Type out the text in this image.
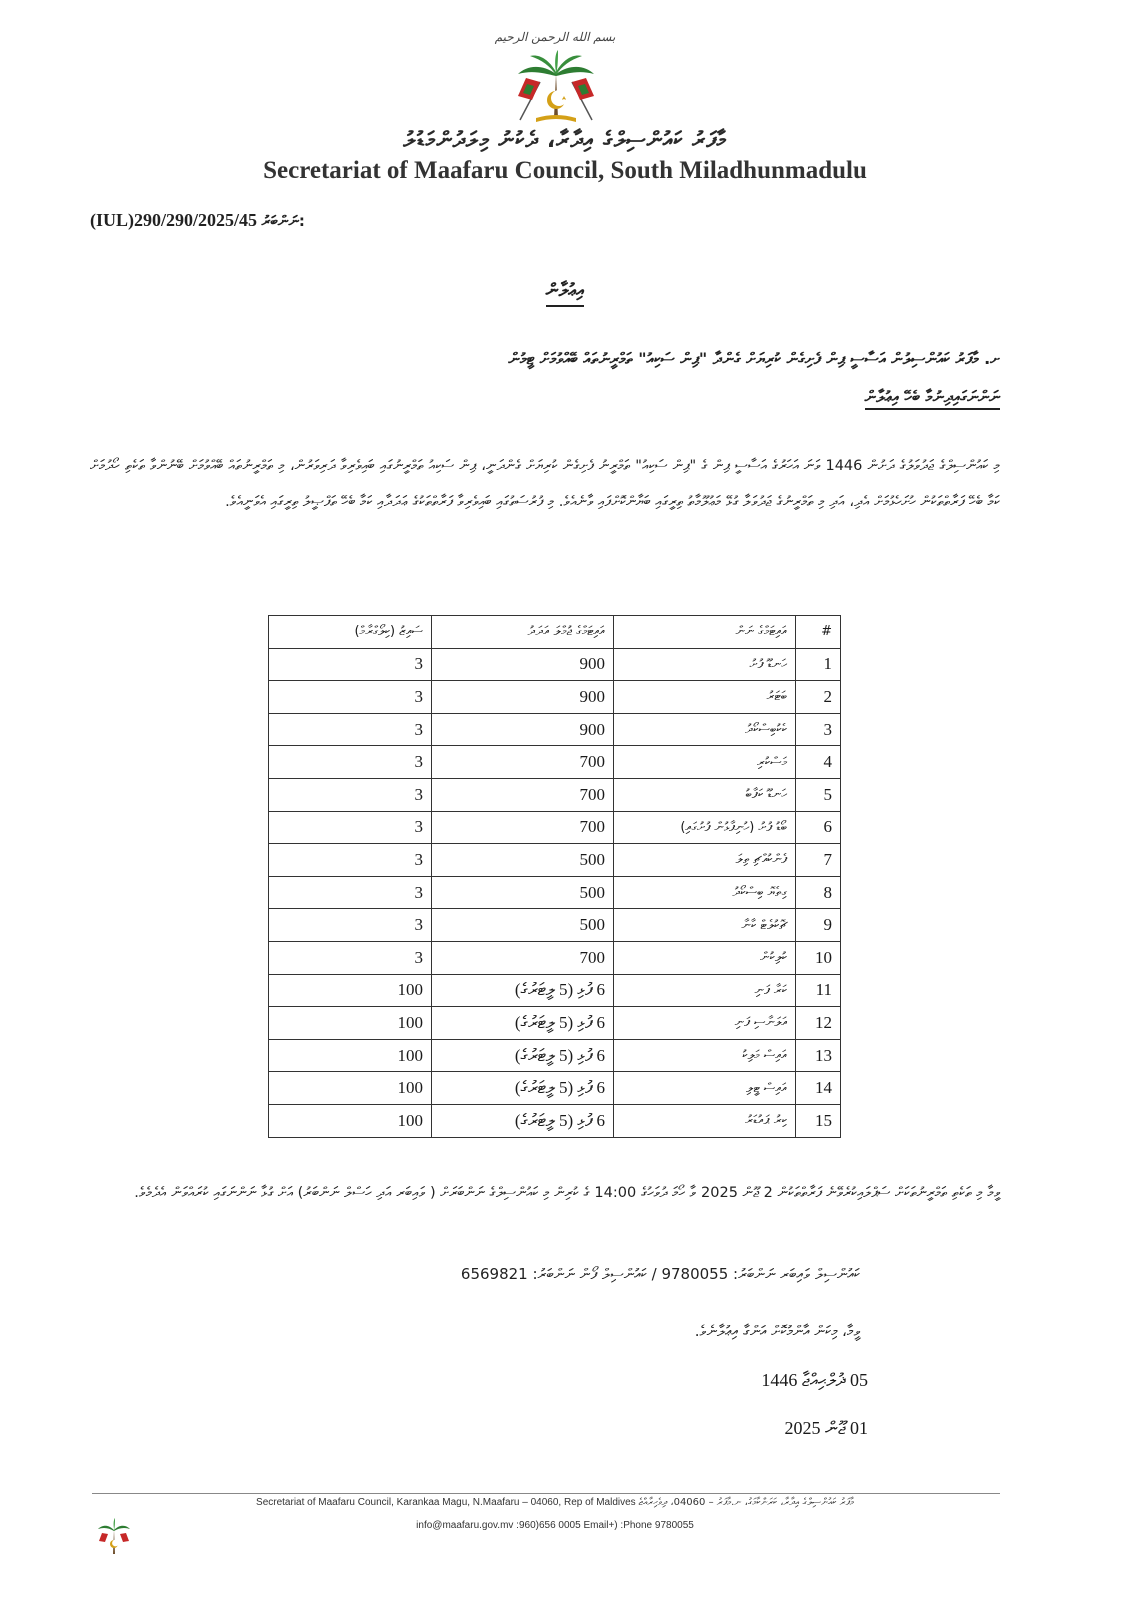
بسم الله الرحمن الرحيم
މާފަރު ކައުންސިލްގެ އިދާރާ، ދެކުނު މިލަދުންމަޑުލު
Secretariat of Maafaru Council, South Miladhunmadulu
(IUL)290/290/2025/45 ނަންބަރު:
އިޢުލާން
ށ. މާފަރު ކައުންސިލުން އަސާސީ ޕިން ފެށިގެން ކުރިޔަށް ގެންދާ "ޕިން ސަކިއު" ތަމްރީނުތައް ބޭއްވުމަށް ޓީމުން
ނަންނަގައިދިނުމާ ބެހޭ އިޢުލާން
މި ކައުންސިލްގެ ޖަދުވަލުގެ ދަށުން 1446 ވަނަ އަހަރުގެ އަސާސީ ޕިން ގެ "ޕިން ސަކިއު" ތަމްރީނު ފެށިގެން ކުރިޔަށް ގެންދަނީ، ޕިން ސަކިއު ތަމްރީނުގައި ބައިވެރިވާ ދަރިވަރުން، މި ތަމްރީނުތައް ބޭއްވުމަށް ބޭނުންވާ ތަކެތި ހޯދުމަށް ކަމާ ބެހޭ ފަރާތްތަކުން ހުށަހެޅުމަށް އެދި، އަދި މި ތަމްރީނުގެ ޖަދުވަލާ ގުޅޭ މަޢުލޫމާތު ތިރީގައި ބަޔާންކޮށްފައި ވާނެއެވެ. މި ފުރުސަތުގައި ބައިވެރިވާ ފަރާތްތަކުގެ ޢަދަދާއި ކަމާ ބެހޭ ތަފްޞީލު ތިރީގައި އެވަނީއެވެ.
ސައިޒު (ކިލޯގްރާމް)	އައިޓަމްގެ ޖުމްލަ އަދަދު	އައިޓަމްގެ ނަން	#
3	900	ހަނޑޫ ފުށު	1
3	900	ބަޓަރު	2
3	900	ކެކުބިސްކޯދު	3
3	700	މަސްކުރި	4
3	700	ހަނޑޫ ކަފާބު	5
3	700	ބޯޑު ފުށު (ހުނިފާޅުން ފުށުގައި)	6
3	500	ފެންކުއްޗި ތިލަ	7
3	500	ގިތެޔޮ ބިސްކޯދު	8
3	500	ޗޮކުލެޓް ކާނާ	9
3	700	ކުލިކުން	10
100	6 ފުޅި (5 ލީޓަރުގެ)	ކަރާ ފަނި	11
100	6 ފުޅި (5 ލީޓަރުގެ)	އަލަނާސި ފަނި	12
100	6 ފުޅި (5 ލީޓަރުގެ)	އައިސް މަލިކު	13
100	6 ފުޅި (5 ލީޓަރުގެ)	އައިސް ޓީލި	14
100	6 ފުޅި (5 ލީޓަރުގެ)	ކިރު ޕައުޑަރު	15
ވީމާ މި ތަކެތި ތަމްރީނުތަކަށް ސަޕްލައިކުރެވޭނެ ފަރާތްތަކުން 2 ޖޫން 2025 ވާ ހޯމަ ދުވަހުގެ 14:00 ގެ ކުރިން މި ކައުންސިލްގެ ނަންބަރަށް ( ވައިބަރ އަދި ހަސްލް ނަންބަރު) އަށް ގުޅާ ނަންނަގައި ކުރައްވަން އެދެމެވެ.
ކައުންސިލް ވައިބަރ ނަންބަރު: 9780055 / ކައުންސިލް ފޯން ނަންބަރު: 6569821
ވީމާ، މިކަން އާންމުކޮށް އަންގާ އިޢުލާނެވެ.
05 ޛުލްޙިއްޖާ 1446
01 ޖޫން 2025
Secretariat of Maafaru Council, Karankaa Magu, N.Maafaru – 04060, Rep of Maldives މާފަރު ކައުންސިލްގެ އިދާރާ، ކަރަންކާމަގު، ނ.މާފަރު – 04060، ދިވެހިރާއްޖެ
info@maafaru.gov.mv :960)656 0005 Email+) :Phone 9780055
